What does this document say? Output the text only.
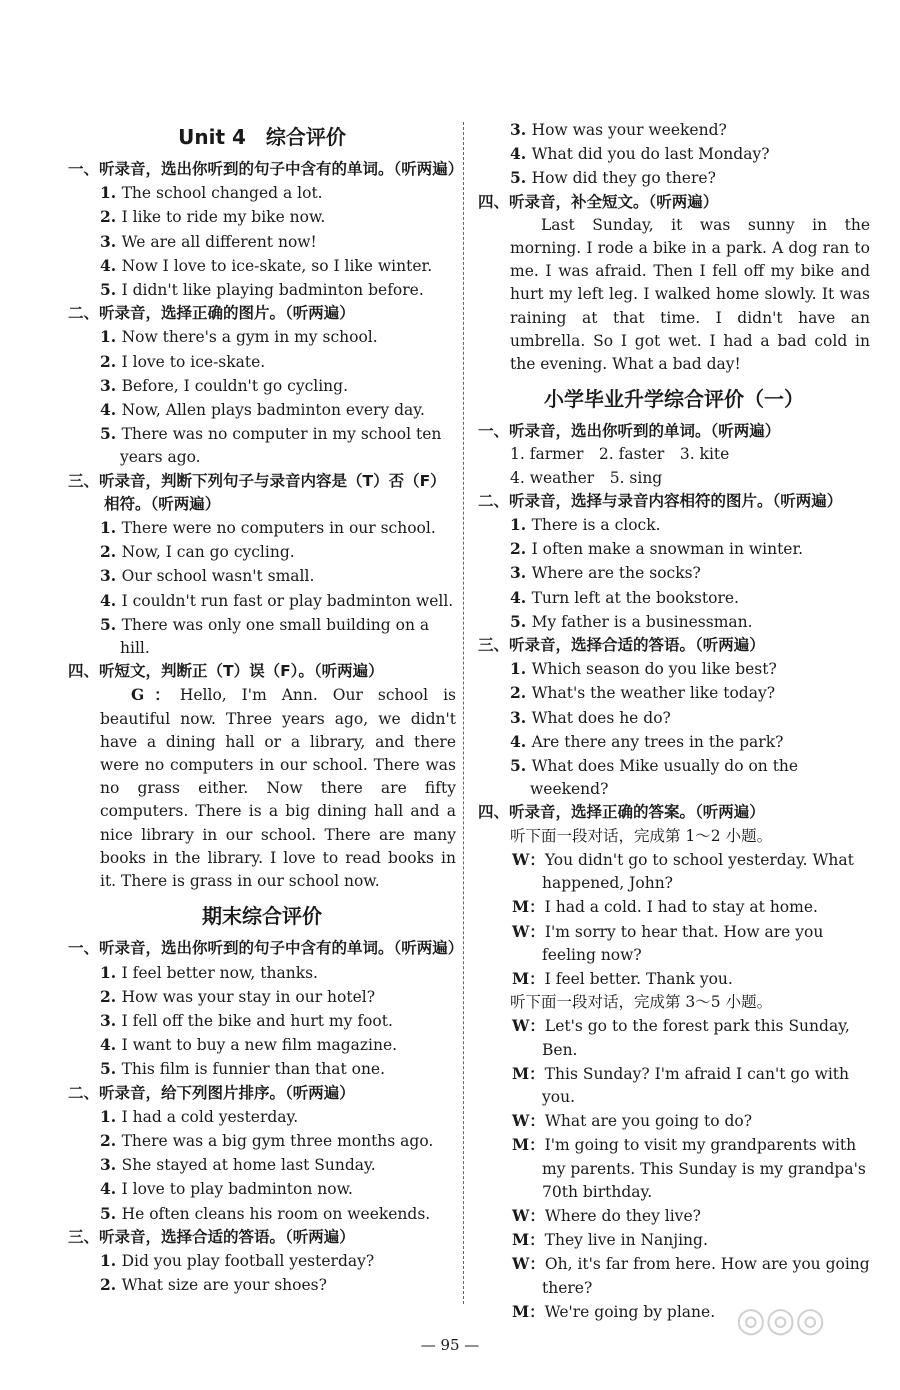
Unit 4　综合评价
一、听录音，选出你听到的句子中含有的单词。（听两遍）
1. The school changed a lot.
2. I like to ride my bike now.
3. We are all different now!
4. Now I love to ice-skate, so I like winter.
5. I didn't like playing badminton before.
二、听录音，选择正确的图片。（听两遍）
1. Now there's a gym in my school.
2. I love to ice-skate.
3. Before, I couldn't go cycling.
4. Now, Allen plays badminton every day.
5. There was no computer in my school ten years ago.
三、听录音，判断下列句子与录音内容是（T）否（F）相符。（听两遍）
1. There were no computers in our school.
2. Now, I can go cycling.
3. Our school wasn't small.
4. I couldn't run fast or play badminton well.
5. There was only one small building on a hill.
四、听短文，判断正（T）误（F）。（听两遍）
G：Hello, I'm Ann. Our school is beautiful now. Three years ago, we didn't have a dining hall or a library, and there were no computers in our school. There was no grass either. Now there are fifty computers. There is a big dining hall and a nice library in our school. There are many books in the library. I love to read books in it. There is grass in our school now.
期末综合评价
一、听录音，选出你听到的句子中含有的单词。（听两遍）
1. I feel better now, thanks.
2. How was your stay in our hotel?
3. I fell off the bike and hurt my foot.
4. I want to buy a new film magazine.
5. This film is funnier than that one.
二、听录音，给下列图片排序。（听两遍）
1. I had a cold yesterday.
2. There was a big gym three months ago.
3. She stayed at home last Sunday.
4. I love to play badminton now.
5. He often cleans his room on weekends.
三、听录音，选择合适的答语。（听两遍）
1. Did you play football yesterday?
2. What size are your shoes?
3. How was your weekend?
4. What did you do last Monday?
5. How did they go there?
四、听录音，补全短文。（听两遍）
Last Sunday, it was sunny in the morning. I rode a bike in a park. A dog ran to me. I was afraid. Then I fell off my bike and hurt my left leg. I walked home slowly. It was raining at that time. I didn't have an umbrella. So I got wet. I had a bad cold in the evening. What a bad day!
小学毕业升学综合评价（一）
一、听录音，选出你听到的单词。（听两遍）
1. farmer　2. faster　3. kite
4. weather　5. sing
二、听录音，选择与录音内容相符的图片。（听两遍）
1. There is a clock.
2. I often make a snowman in winter.
3. Where are the socks?
4. Turn left at the bookstore.
5. My father is a businessman.
三、听录音，选择合适的答语。（听两遍）
1. Which season do you like best?
2. What's the weather like today?
3. What does he do?
4. Are there any trees in the park?
5. What does Mike usually do on the weekend?
四、听录音，选择正确的答案。（听两遍）
听下面一段对话，完成第 1～2 小题。
W：You didn't go to school yesterday. What happened, John?
M：I had a cold. I had to stay at home.
W：I'm sorry to hear that. How are you feeling now?
M：I feel better. Thank you.
听下面一段对话，完成第 3～5 小题。
W：Let's go to the forest park this Sunday, Ben.
M：This Sunday? I'm afraid I can't go with you.
W：What are you going to do?
M：I'm going to visit my grandparents with my parents. This Sunday is my grandpa's 70th birthday.
W：Where do they live?
M：They live in Nanjing.
W：Oh, it's far from here. How are you going there?
M：We're going by plane.
— 95 —
◎◎◎
